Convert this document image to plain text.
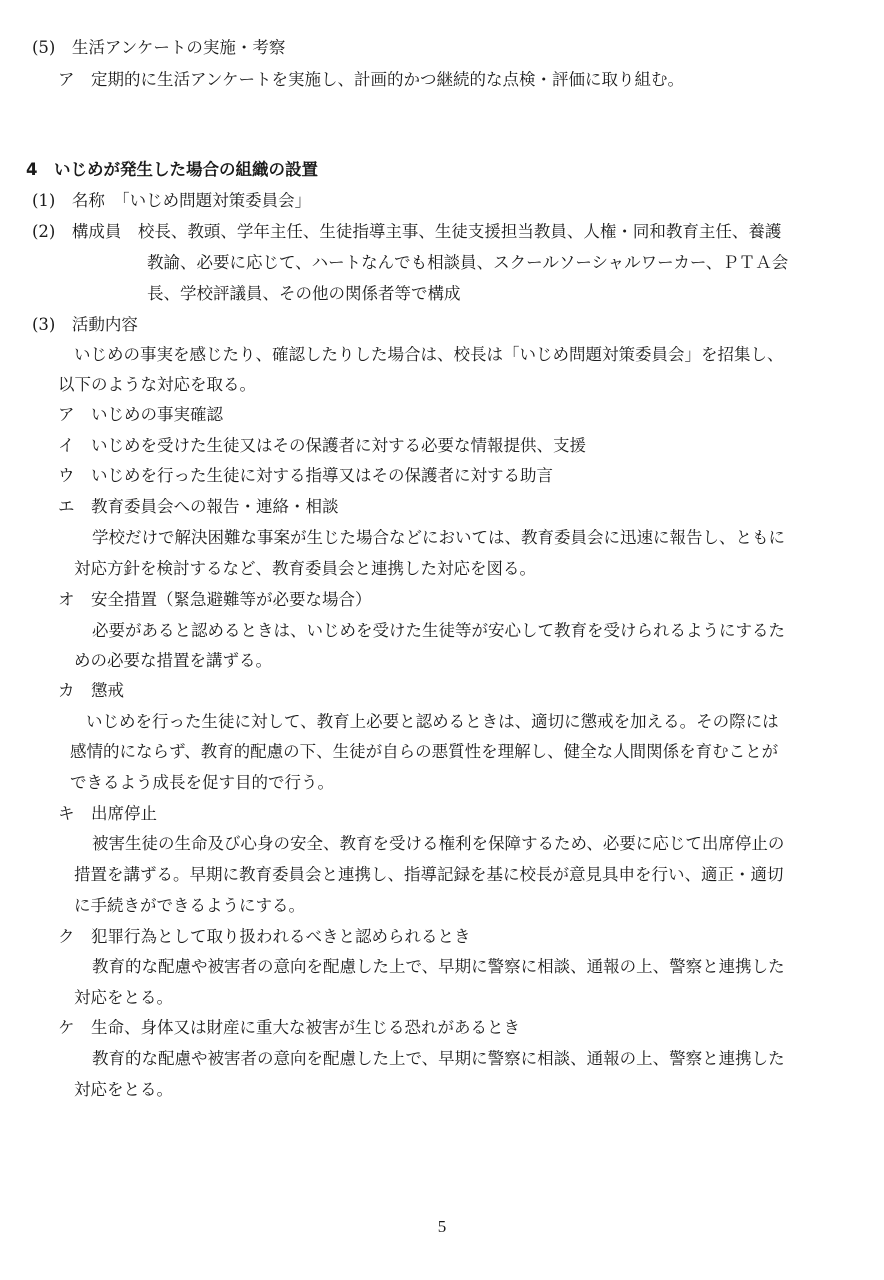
(5)　生活アンケートの実施・考察
ア　定期的に生活アンケートを実施し、計画的かつ継続的な点検・評価に取り組む。
4　いじめが発生した場合の組織の設置
(1)　名称　「いじめ問題対策委員会」
(2)　構成員　校長、教頭、学年主任、生徒指導主事、生徒支援担当教員、人権・同和教育主任、養護
教諭、必要に応じて、ハートなんでも相談員、スクールソーシャルワーカー、ＰＴＡ会
長、学校評議員、その他の関係者等で構成
(3)　活動内容
いじめの事実を感じたり、確認したりした場合は、校長は「いじめ問題対策委員会」を招集し、
以下のような対応を取る。
ア　いじめの事実確認
イ　いじめを受けた生徒又はその保護者に対する必要な情報提供、支援
ウ　いじめを行った生徒に対する指導又はその保護者に対する助言
エ　教育委員会への報告・連絡・相談
学校だけで解決困難な事案が生じた場合などにおいては、教育委員会に迅速に報告し、ともに
対応方針を検討するなど、教育委員会と連携した対応を図る。
オ　安全措置（緊急避難等が必要な場合）
必要があると認めるときは、いじめを受けた生徒等が安心して教育を受けられるようにするた
めの必要な措置を講ずる。
カ　懲戒
いじめを行った生徒に対して、教育上必要と認めるときは、適切に懲戒を加える。その際には
感情的にならず、教育的配慮の下、生徒が自らの悪質性を理解し、健全な人間関係を育むことが
できるよう成長を促す目的で行う。
キ　出席停止
被害生徒の生命及び心身の安全、教育を受ける権利を保障するため、必要に応じて出席停止の
措置を講ずる。早期に教育委員会と連携し、指導記録を基に校長が意見具申を行い、適正・適切
に手続きができるようにする。
ク　犯罪行為として取り扱われるべきと認められるとき
教育的な配慮や被害者の意向を配慮した上で、早期に警察に相談、通報の上、警察と連携した
対応をとる。
ケ　生命、身体又は財産に重大な被害が生じる恐れがあるとき
教育的な配慮や被害者の意向を配慮した上で、早期に警察に相談、通報の上、警察と連携した
対応をとる。
5
